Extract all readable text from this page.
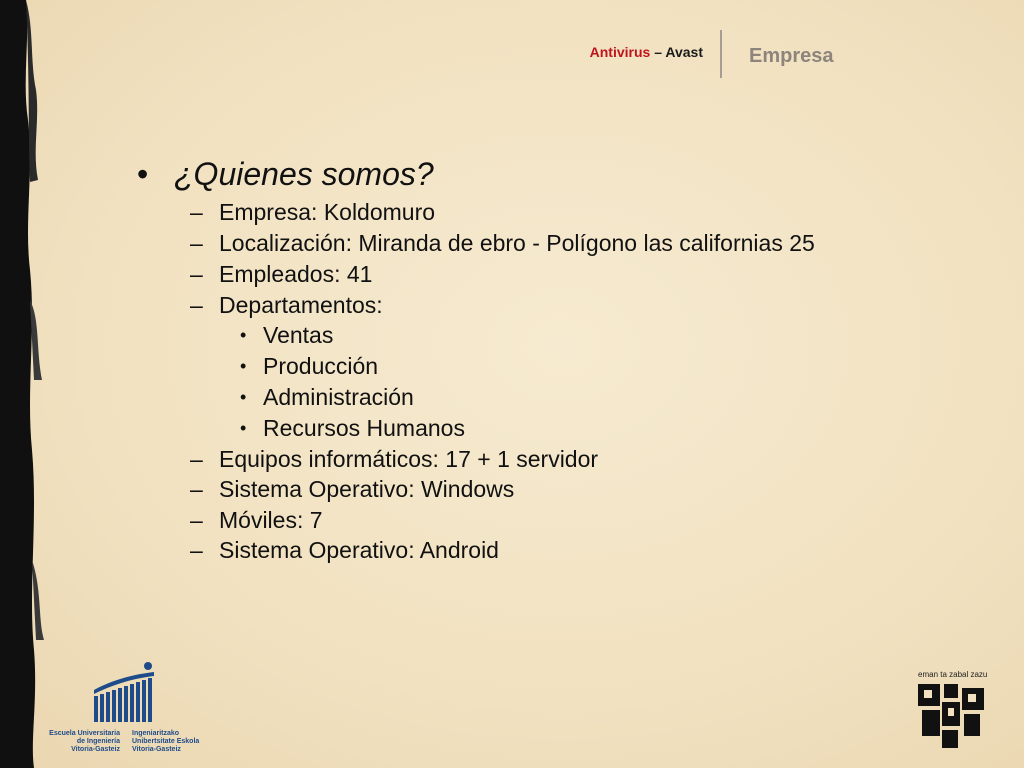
Antivirus – Avast Empresa
• ¿Quienes somos?
– Empresa: Koldomuro
– Localización: Miranda de ebro - Polígono las californias 25
– Empleados: 41
– Departamentos:
• Ventas
• Producción
• Administración
• Recursos Humanos
– Equipos informáticos: 17 + 1 servidor
– Sistema Operativo: Windows
– Móviles: 7
– Sistema Operativo: Android
Escuela Universitaria
de Ingeniería
Vitoria-Gasteiz
Ingeniaritzako
Unibertsitate Eskola
Vitoria-Gasteiz
eman ta zabal zazu
